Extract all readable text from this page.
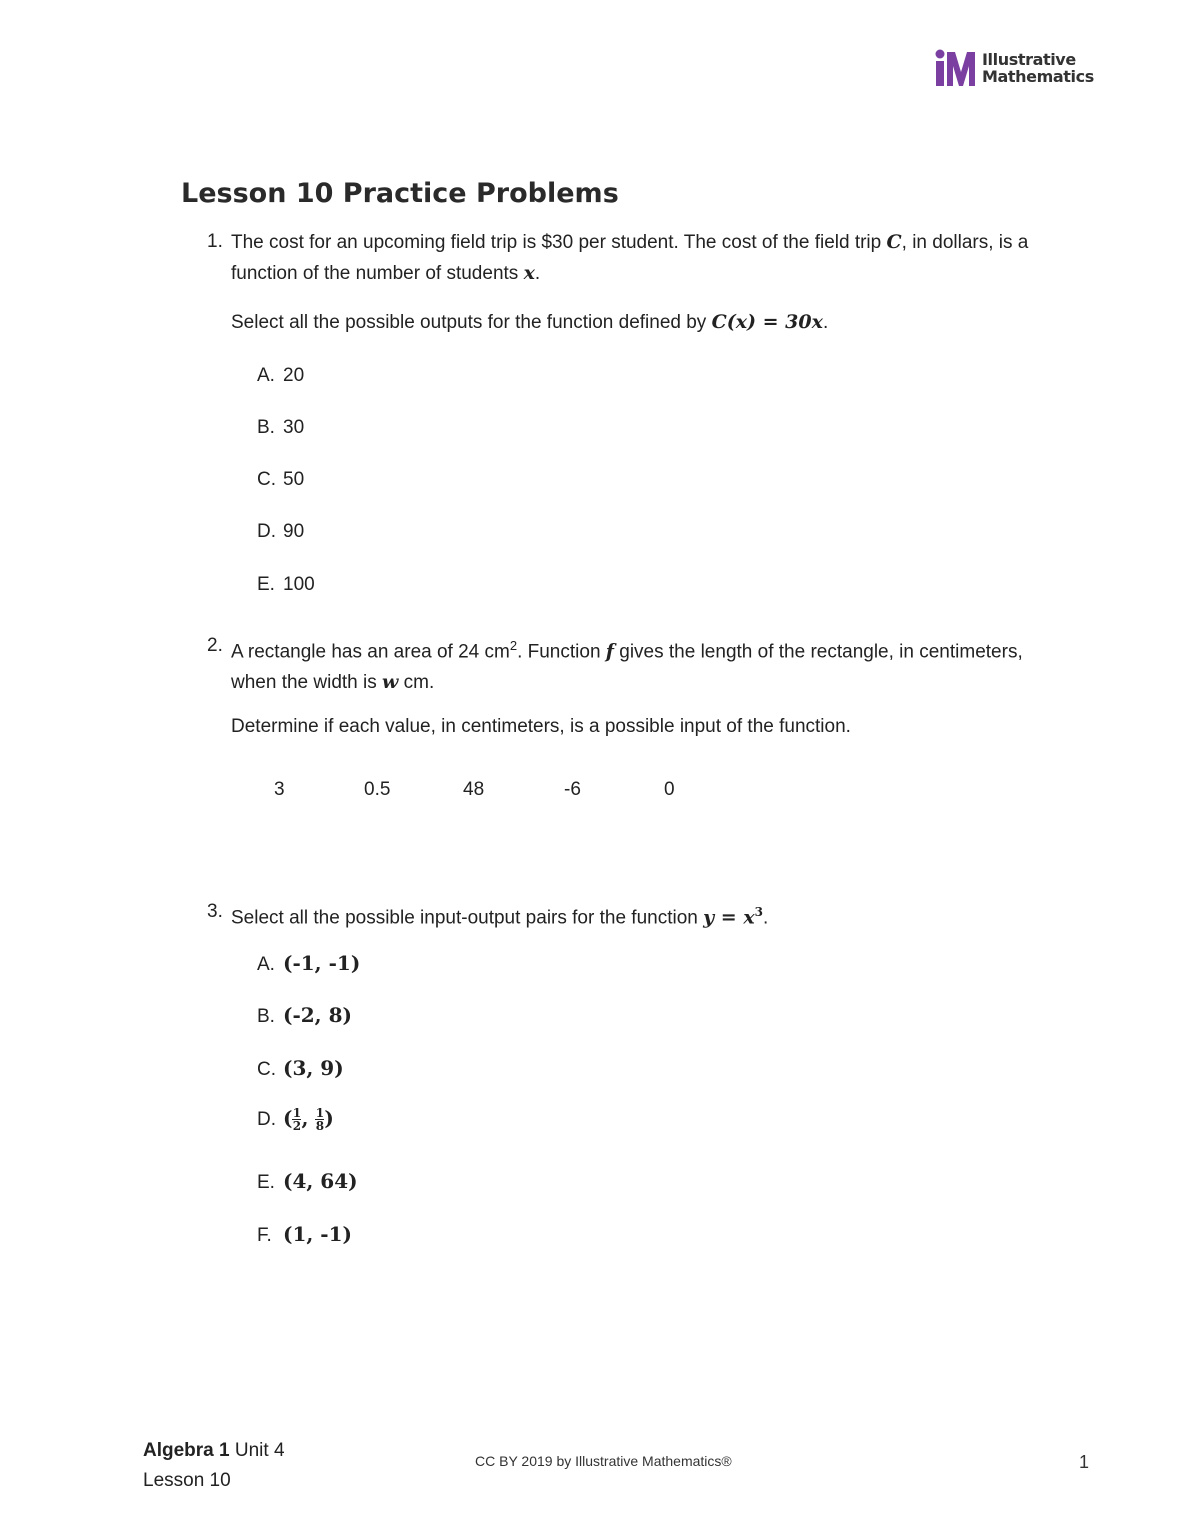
Illustrative
Mathematics
Lesson 10 Practice Problems
1. The cost for an upcoming field trip is $30 per student. The cost of the field trip C, in dollars, is a function of the number of students x.
Select all the possible outputs for the function defined by C(x) = 30x.
A. 20
B. 30
C. 50
D. 90
E. 100
2. A rectangle has an area of 24 $cm^2$. Function f gives the length of the rectangle, in centimeters, when the width is w cm.
Determine if each value, in centimeters, is a possible input of the function.
3	0.5	48	-6	0
3. Select all the possible input-output pairs for the function $y = x^3$.
A. (-1, -1)
B. (-2, 8)
C. (3, 9)
D. ( $\frac{1}{2}$ , $\frac{1}{8}$ )
E. (4, 64)
F. (1, -1)
Algebra 1 Unit 4
Lesson 10
CC BY 2019 by Illustrative Mathematics®	1
